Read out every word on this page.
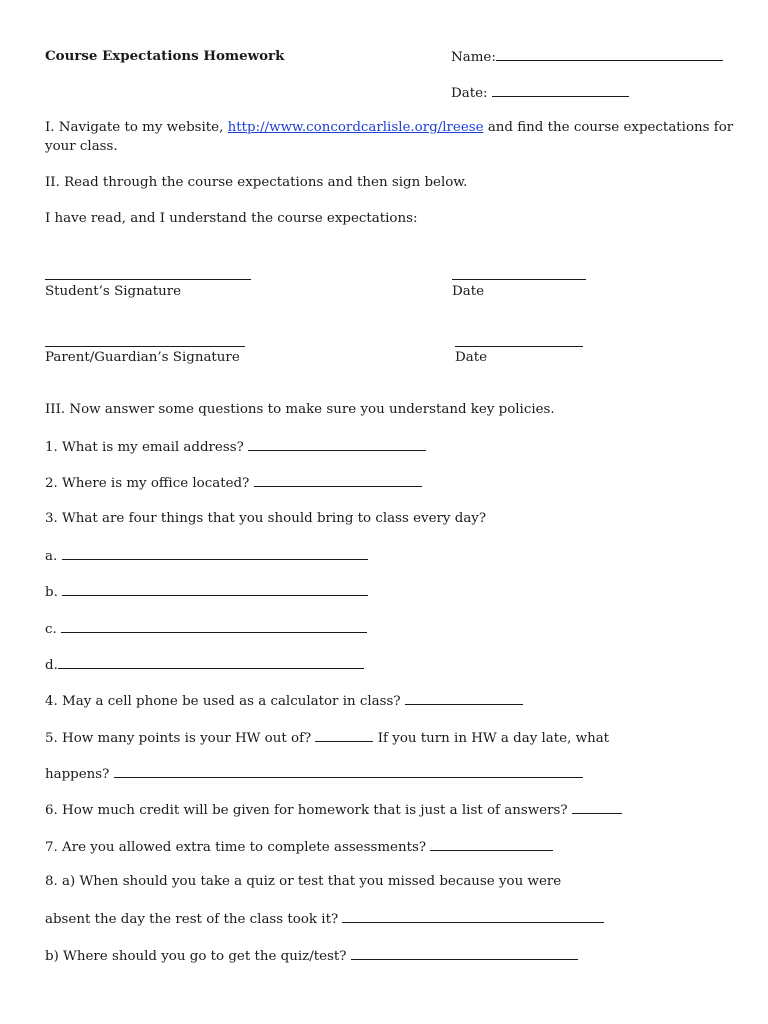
Course Expectations Homework	Name:
Date:
I. Navigate to my website, http://www.concordcarlisle.org/lreese and find the course expectations for
your class.
II. Read through the course expectations and then sign below.
I have read, and I understand the course expectations:
Student’s Signature	Date
Parent/Guardian’s Signature	Date
III. Now answer some questions to make sure you understand key policies.
1. What is my email address?
2. Where is my office located?
3. What are four things that you should bring to class every day?
a.
b.
c.
d.
4. May a cell phone be used as a calculator in class?
5. How many points is your HW out of?	If you turn in HW a day late, what
happens?
6. How much credit will be given for homework that is just a list of answers?
7. Are you allowed extra time to complete assessments?
8. a) When should you take a quiz or test that you missed because you were
absent the day the rest of the class took it?
b) Where should you go to get the quiz/test?
